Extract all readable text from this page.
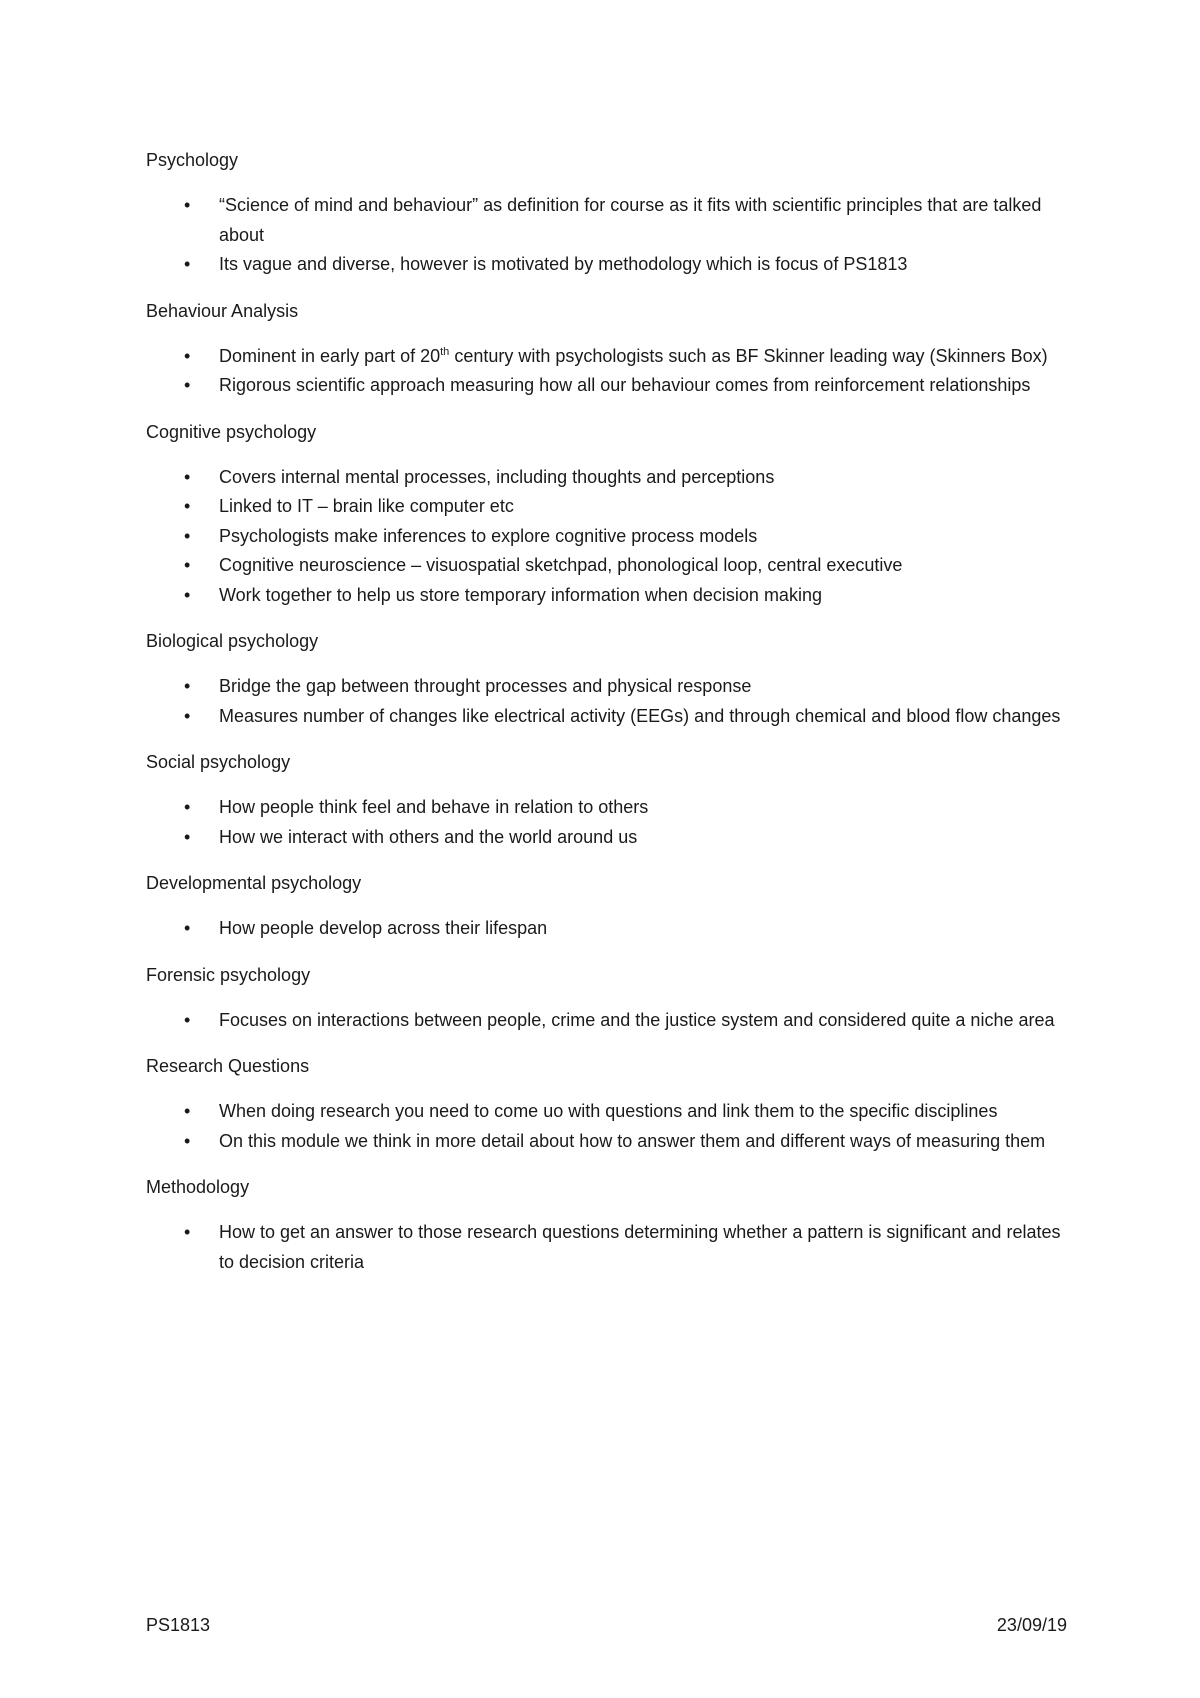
Psychology
• “Science of mind and behaviour” as definition for course as it fits with scientific principles that are talked about
• Its vague and diverse, however is motivated by methodology which is focus of PS1813
Behaviour Analysis
• Dominent in early part of 20th century with psychologists such as BF Skinner leading way (Skinners Box)
• Rigorous scientific approach measuring how all our behaviour comes from reinforcement relationships
Cognitive psychology
• Covers internal mental processes, including thoughts and perceptions
• Linked to IT – brain like computer etc
• Psychologists make inferences to explore cognitive process models
• Cognitive neuroscience – visuospatial sketchpad, phonological loop, central executive
• Work together to help us store temporary information when decision making
Biological psychology
• Bridge the gap between throught processes and physical response
• Measures number of changes like electrical activity (EEGs) and through chemical and blood flow changes
Social psychology
• How people think feel and behave in relation to others
• How we interact with others and the world around us
Developmental psychology
• How people develop across their lifespan
Forensic psychology
• Focuses on interactions between people, crime and the justice system and considered quite a niche area
Research Questions
• When doing research you need to come uo with questions and link them to the specific disciplines
• On this module we think in more detail about how to answer them and different ways of measuring them
Methodology
• How to get an answer to those research questions determining whether a pattern is significant and relates to decision criteria
PS1813	23/09/19
